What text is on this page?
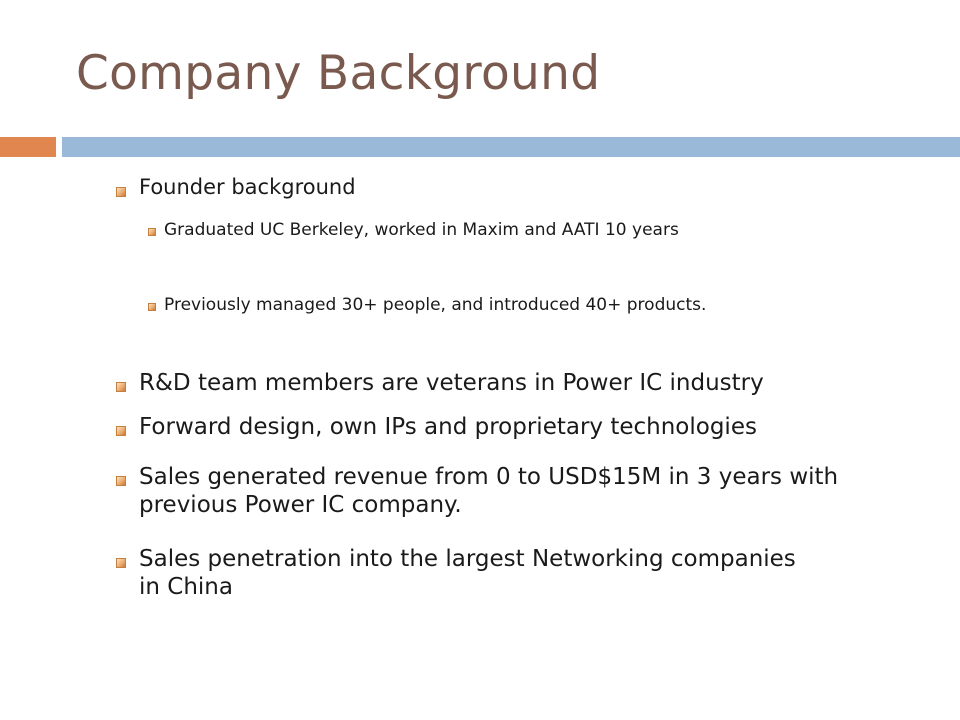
Company Background
Founder background
Graduated UC Berkeley, worked in Maxim and AATI 10 years
Previously managed 30+ people, and introduced 40+ products.
R&D team members are veterans in Power IC industry
Forward design, own IPs and proprietary technologies
Sales generated revenue from 0 to USD$15M in 3 years with previous Power IC company.
Sales penetration into the largest Networking companies in China
